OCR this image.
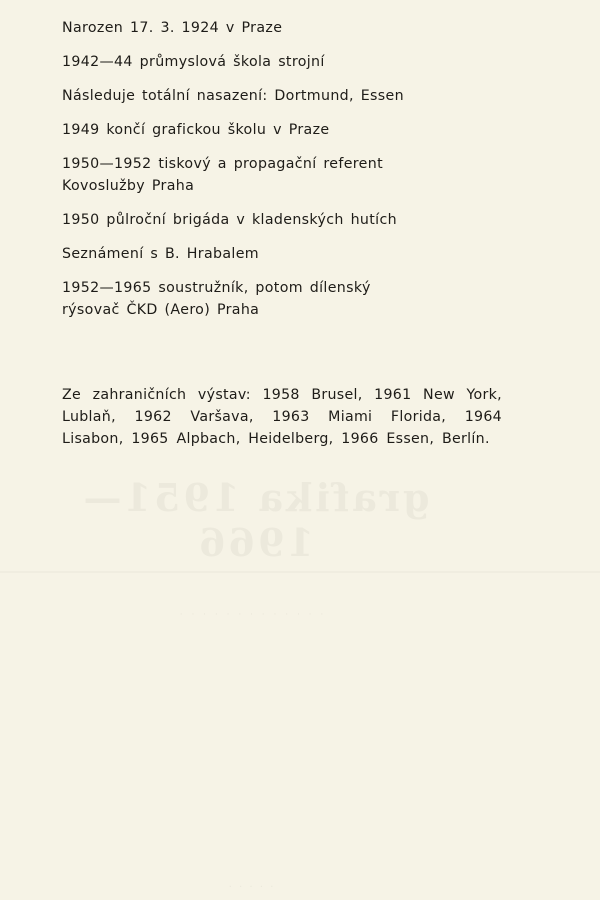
grafika 1951—1966
· · · · · · · · · · · · ·
· · · · ·

Narozen 17. 3. 1924 v Praze

1942—44 průmyslová škola strojní

Následuje totální nasazení: Dortmund, Essen

1949 končí grafickou školu v Praze

1950—1952 tiskový a propagační referent
Kovoslužby Praha

1950 půlroční brigáda v kladenských hutích

Seznámení s B. Hrabalem

1952—1965 soustružník, potom dílenský
rýsovač ČKD (Aero) Praha

Ze zahraničních výstav: 1958 Brusel, 1961 New York, Lublaň, 1962 Varšava, 1963 Miami Florida, 1964 Lisabon, 1965 Alpbach, Heidelberg, 1966 Essen, Berlín.
